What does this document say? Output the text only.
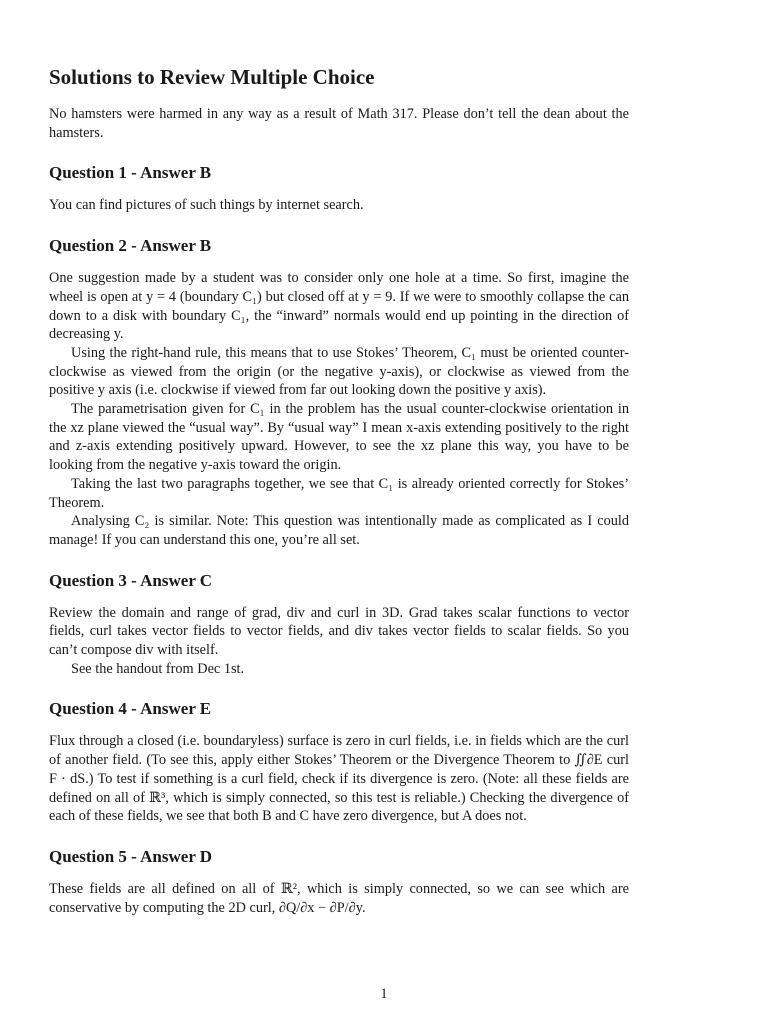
Solutions to Review Multiple Choice

No hamsters were harmed in any way as a result of Math 317. Please don’t tell the dean about the hamsters.

Question 1 - Answer B

You can find pictures of such things by internet search.

Question 2 - Answer B

One suggestion made by a student was to consider only one hole at a time. So first, imagine the wheel is open at y = 4 (boundary C₁) but closed off at y = 9. If we were to smoothly collapse the can down to a disk with boundary C₁, the “inward” normals would end up pointing in the direction of decreasing y.

Using the right-hand rule, this means that to use Stokes’ Theorem, C₁ must be oriented counter-clockwise as viewed from the origin (or the negative y-axis), or clockwise as viewed from the positive y axis (i.e. clockwise if viewed from far out looking down the positive y axis).

The parametrisation given for C₁ in the problem has the usual counter-clockwise orientation in the xz plane viewed the “usual way”. By “usual way” I mean x-axis extending positively to the right and z-axis extending positively upward. However, to see the xz plane this way, you have to be looking from the negative y-axis toward the origin.

Taking the last two paragraphs together, we see that C₁ is already oriented correctly for Stokes’ Theorem.

Analysing C₂ is similar. Note: This question was intentionally made as complicated as I could manage! If you can understand this one, you’re all set.

Question 3 - Answer C

Review the domain and range of grad, div and curl in 3D. Grad takes scalar functions to vector fields, curl takes vector fields to vector fields, and div takes vector fields to scalar fields. So you can’t compose div with itself.

See the handout from Dec 1st.

Question 4 - Answer E

Flux through a closed (i.e. boundaryless) surface is zero in curl fields, i.e. in fields which are the curl of another field. (To see this, apply either Stokes’ Theorem or the Divergence Theorem to ∬∂E curl F · dS.) To test if something is a curl field, check if its divergence is zero. (Note: all these fields are defined on all of ℝ³, which is simply connected, so this test is reliable.) Checking the divergence of each of these fields, we see that both B and C have zero divergence, but A does not.

Question 5 - Answer D

These fields are all defined on all of ℝ², which is simply connected, so we can see which are conservative by computing the 2D curl, ∂Q/∂x − ∂P/∂y.

1
